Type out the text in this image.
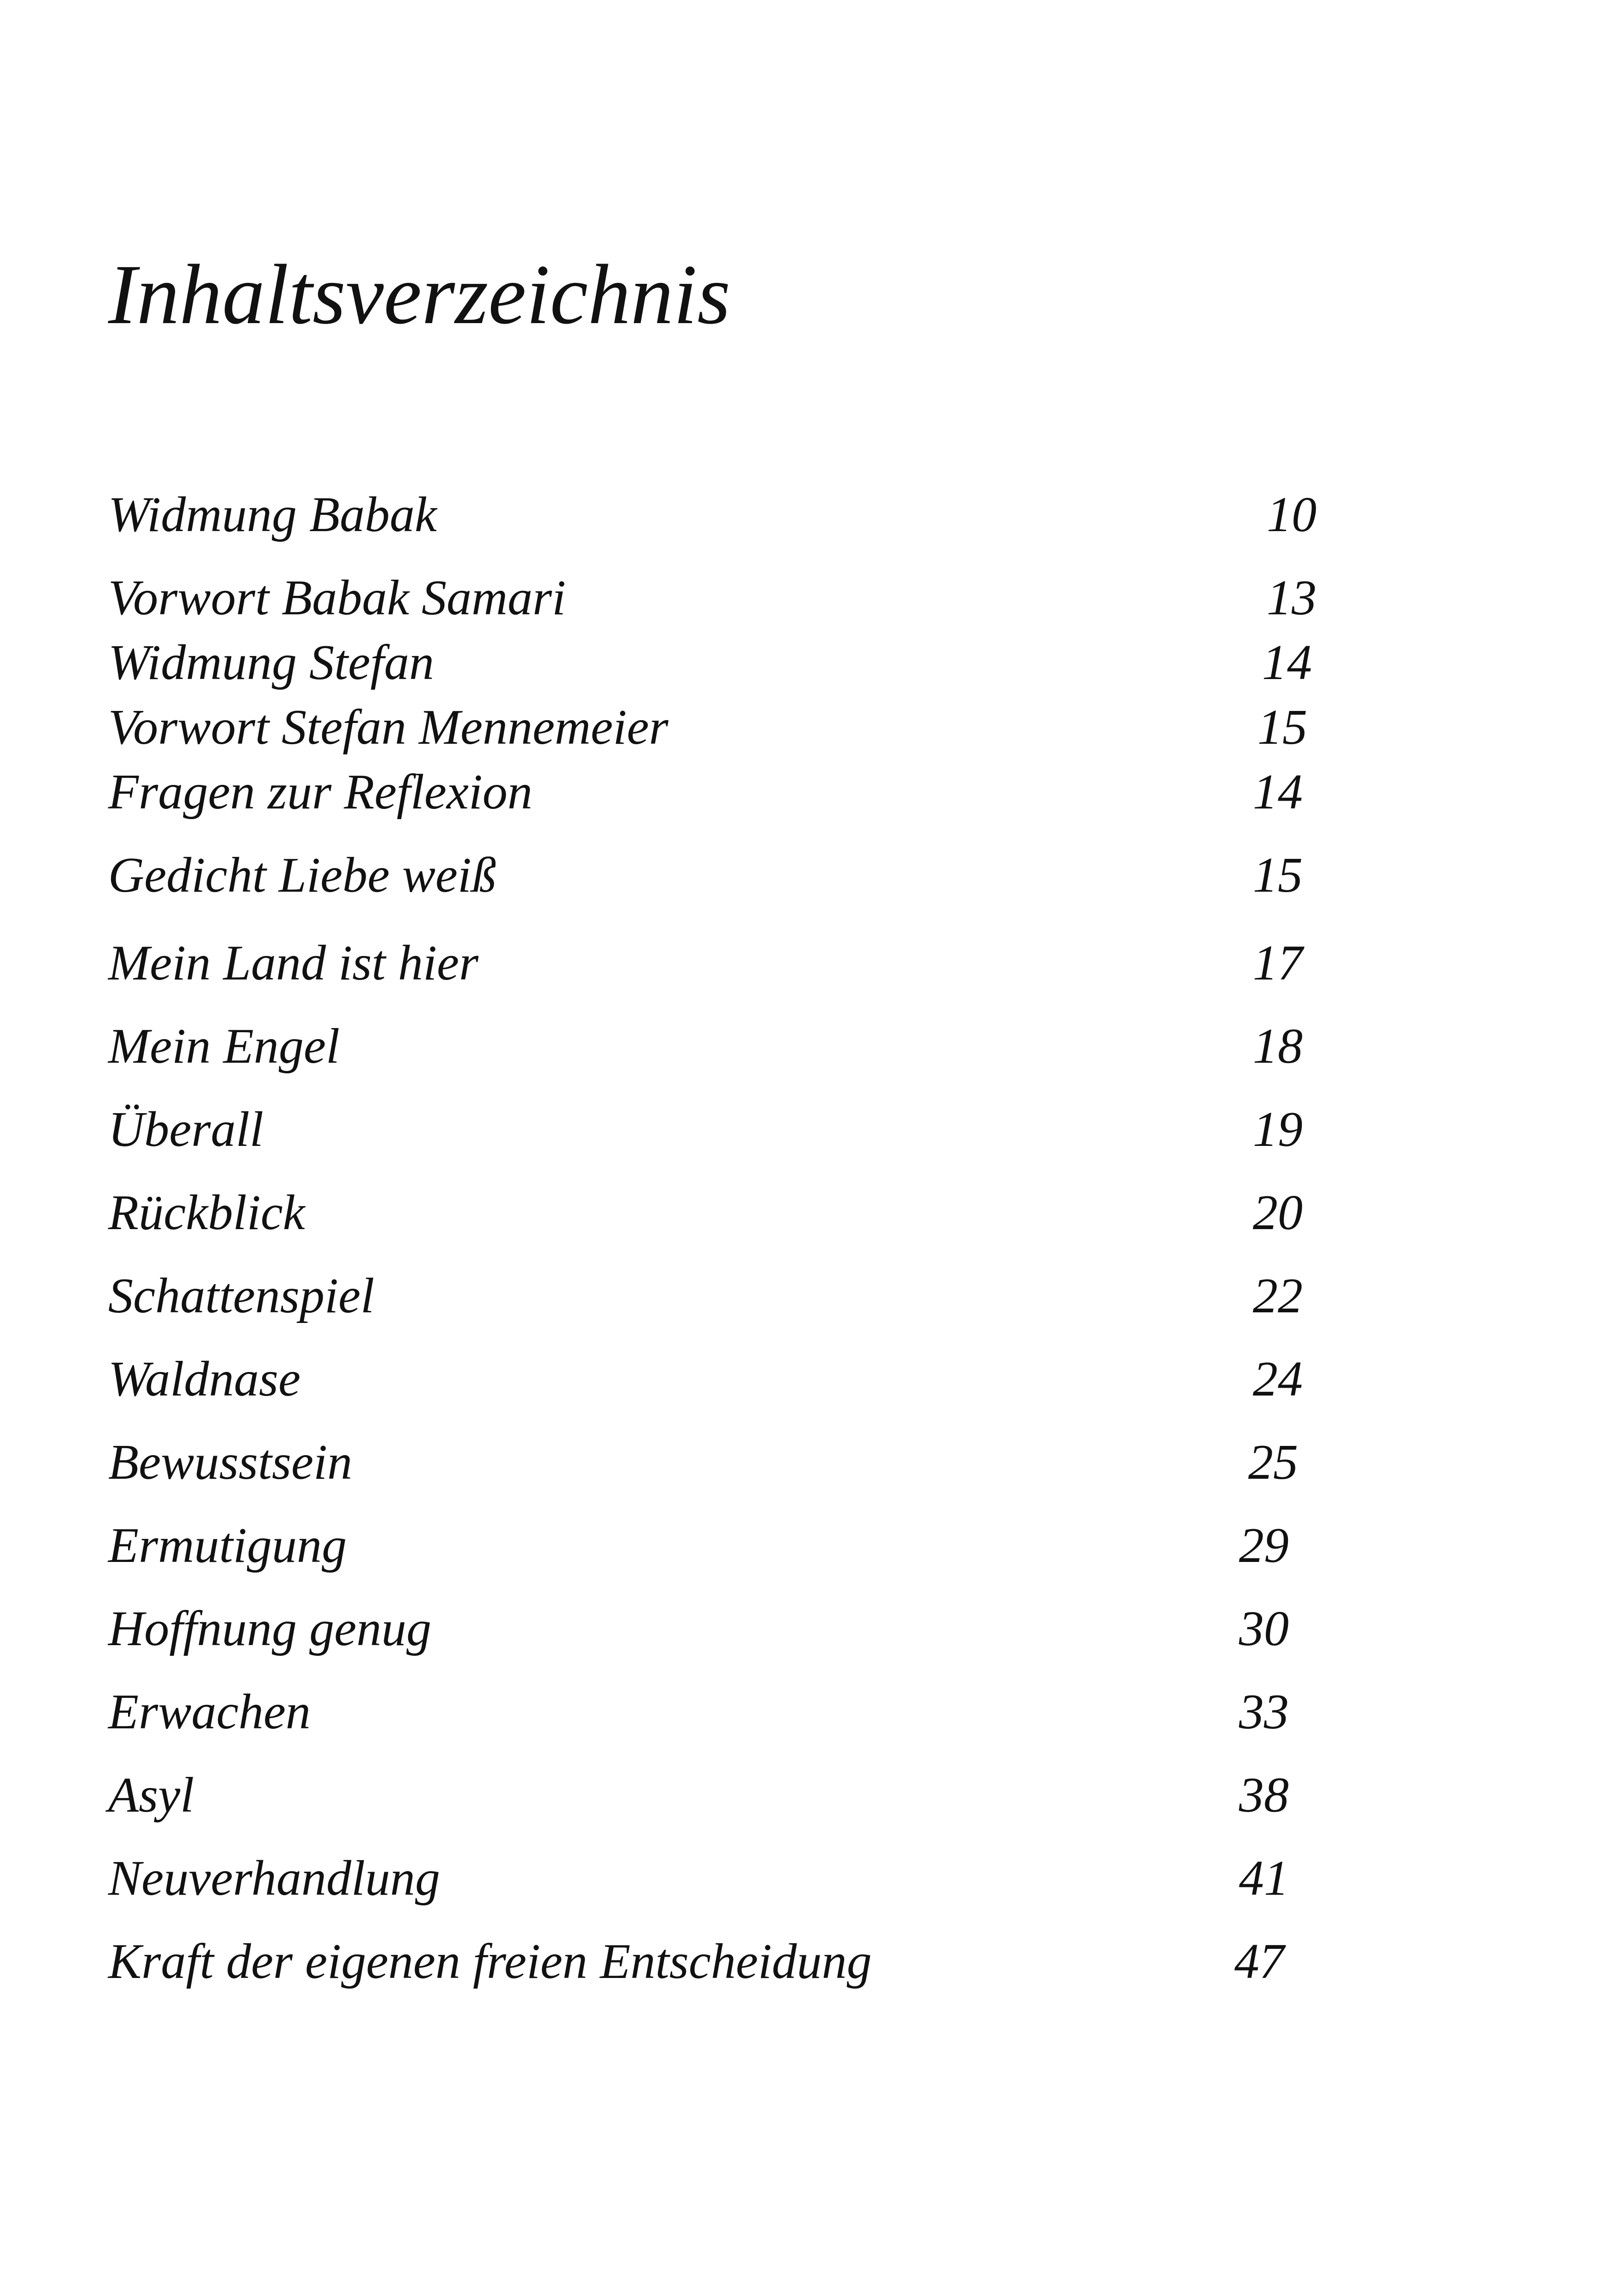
Inhaltsverzeichnis
Widmung Babak	10
Vorwort Babak Samari	13
Widmung Stefan	14
Vorwort Stefan Mennemeier	15
Fragen zur Reflexion	14
Gedicht Liebe weiß	15
Mein Land ist hier	17
Mein Engel	18
Überall	19
Rückblick	20
Schattenspiel	22
Waldnase	24
Bewusstsein	25
Ermutigung	29
Hoffnung genug	30
Erwachen	33
Asyl	38
Neuverhandlung	41
Kraft der eigenen freien Entscheidung	47
